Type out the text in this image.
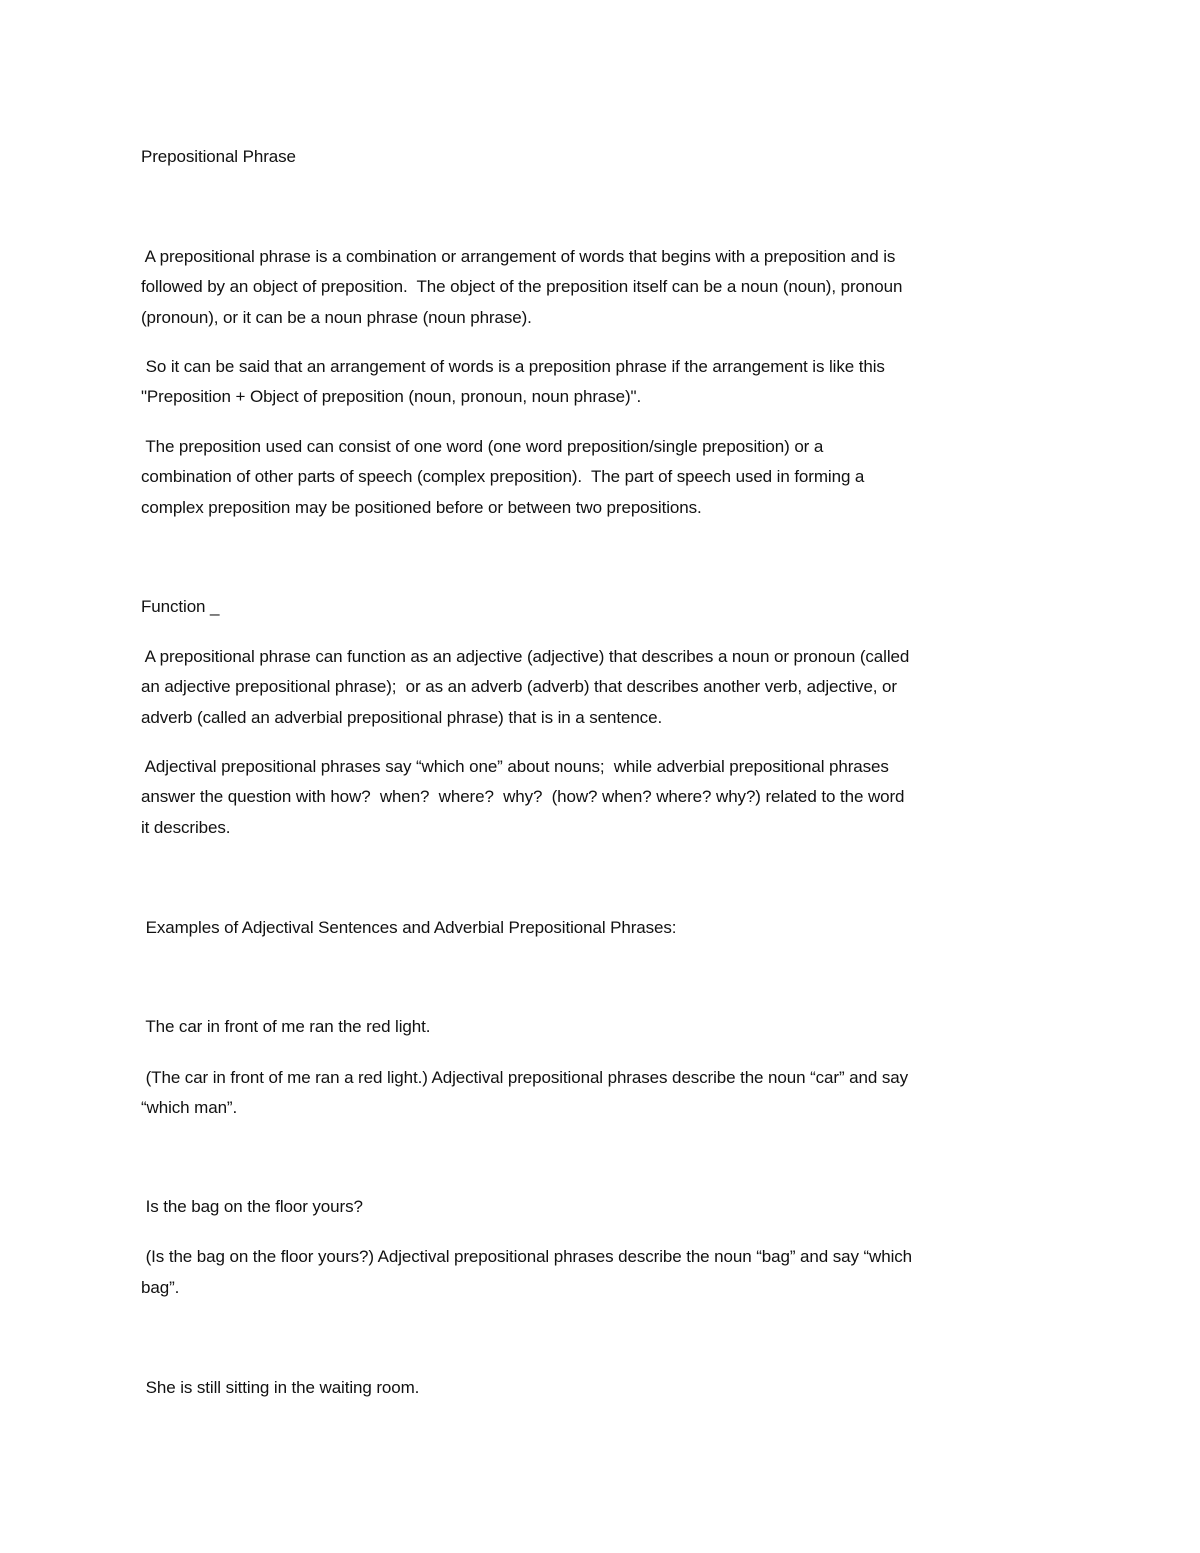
Prepositional Phrase
A prepositional phrase is a combination or arrangement of words that begins with a preposition and is
followed by an object of preposition.  The object of the preposition itself can be a noun (noun), pronoun
(pronoun), or it can be a noun phrase (noun phrase).
So it can be said that an arrangement of words is a preposition phrase if the arrangement is like this
"Preposition + Object of preposition (noun, pronoun, noun phrase)".
The preposition used can consist of one word (one word preposition/single preposition) or a
combination of other parts of speech (complex preposition).  The part of speech used in forming a
complex preposition may be positioned before or between two prepositions.
Function _
A prepositional phrase can function as an adjective (adjective) that describes a noun or pronoun (called
an adjective prepositional phrase);  or as an adverb (adverb) that describes another verb, adjective, or
adverb (called an adverbial prepositional phrase) that is in a sentence.
Adjectival prepositional phrases say “which one” about nouns;  while adverbial prepositional phrases
answer the question with how?  when?  where?  why?  (how? when? where? why?) related to the word
it describes.
Examples of Adjectival Sentences and Adverbial Prepositional Phrases:
The car in front of me ran the red light.
(The car in front of me ran a red light.) Adjectival prepositional phrases describe the noun “car” and say
“which man”.
Is the bag on the floor yours?
(Is the bag on the floor yours?) Adjectival prepositional phrases describe the noun “bag” and say “which
bag”.
She is still sitting in the waiting room.
